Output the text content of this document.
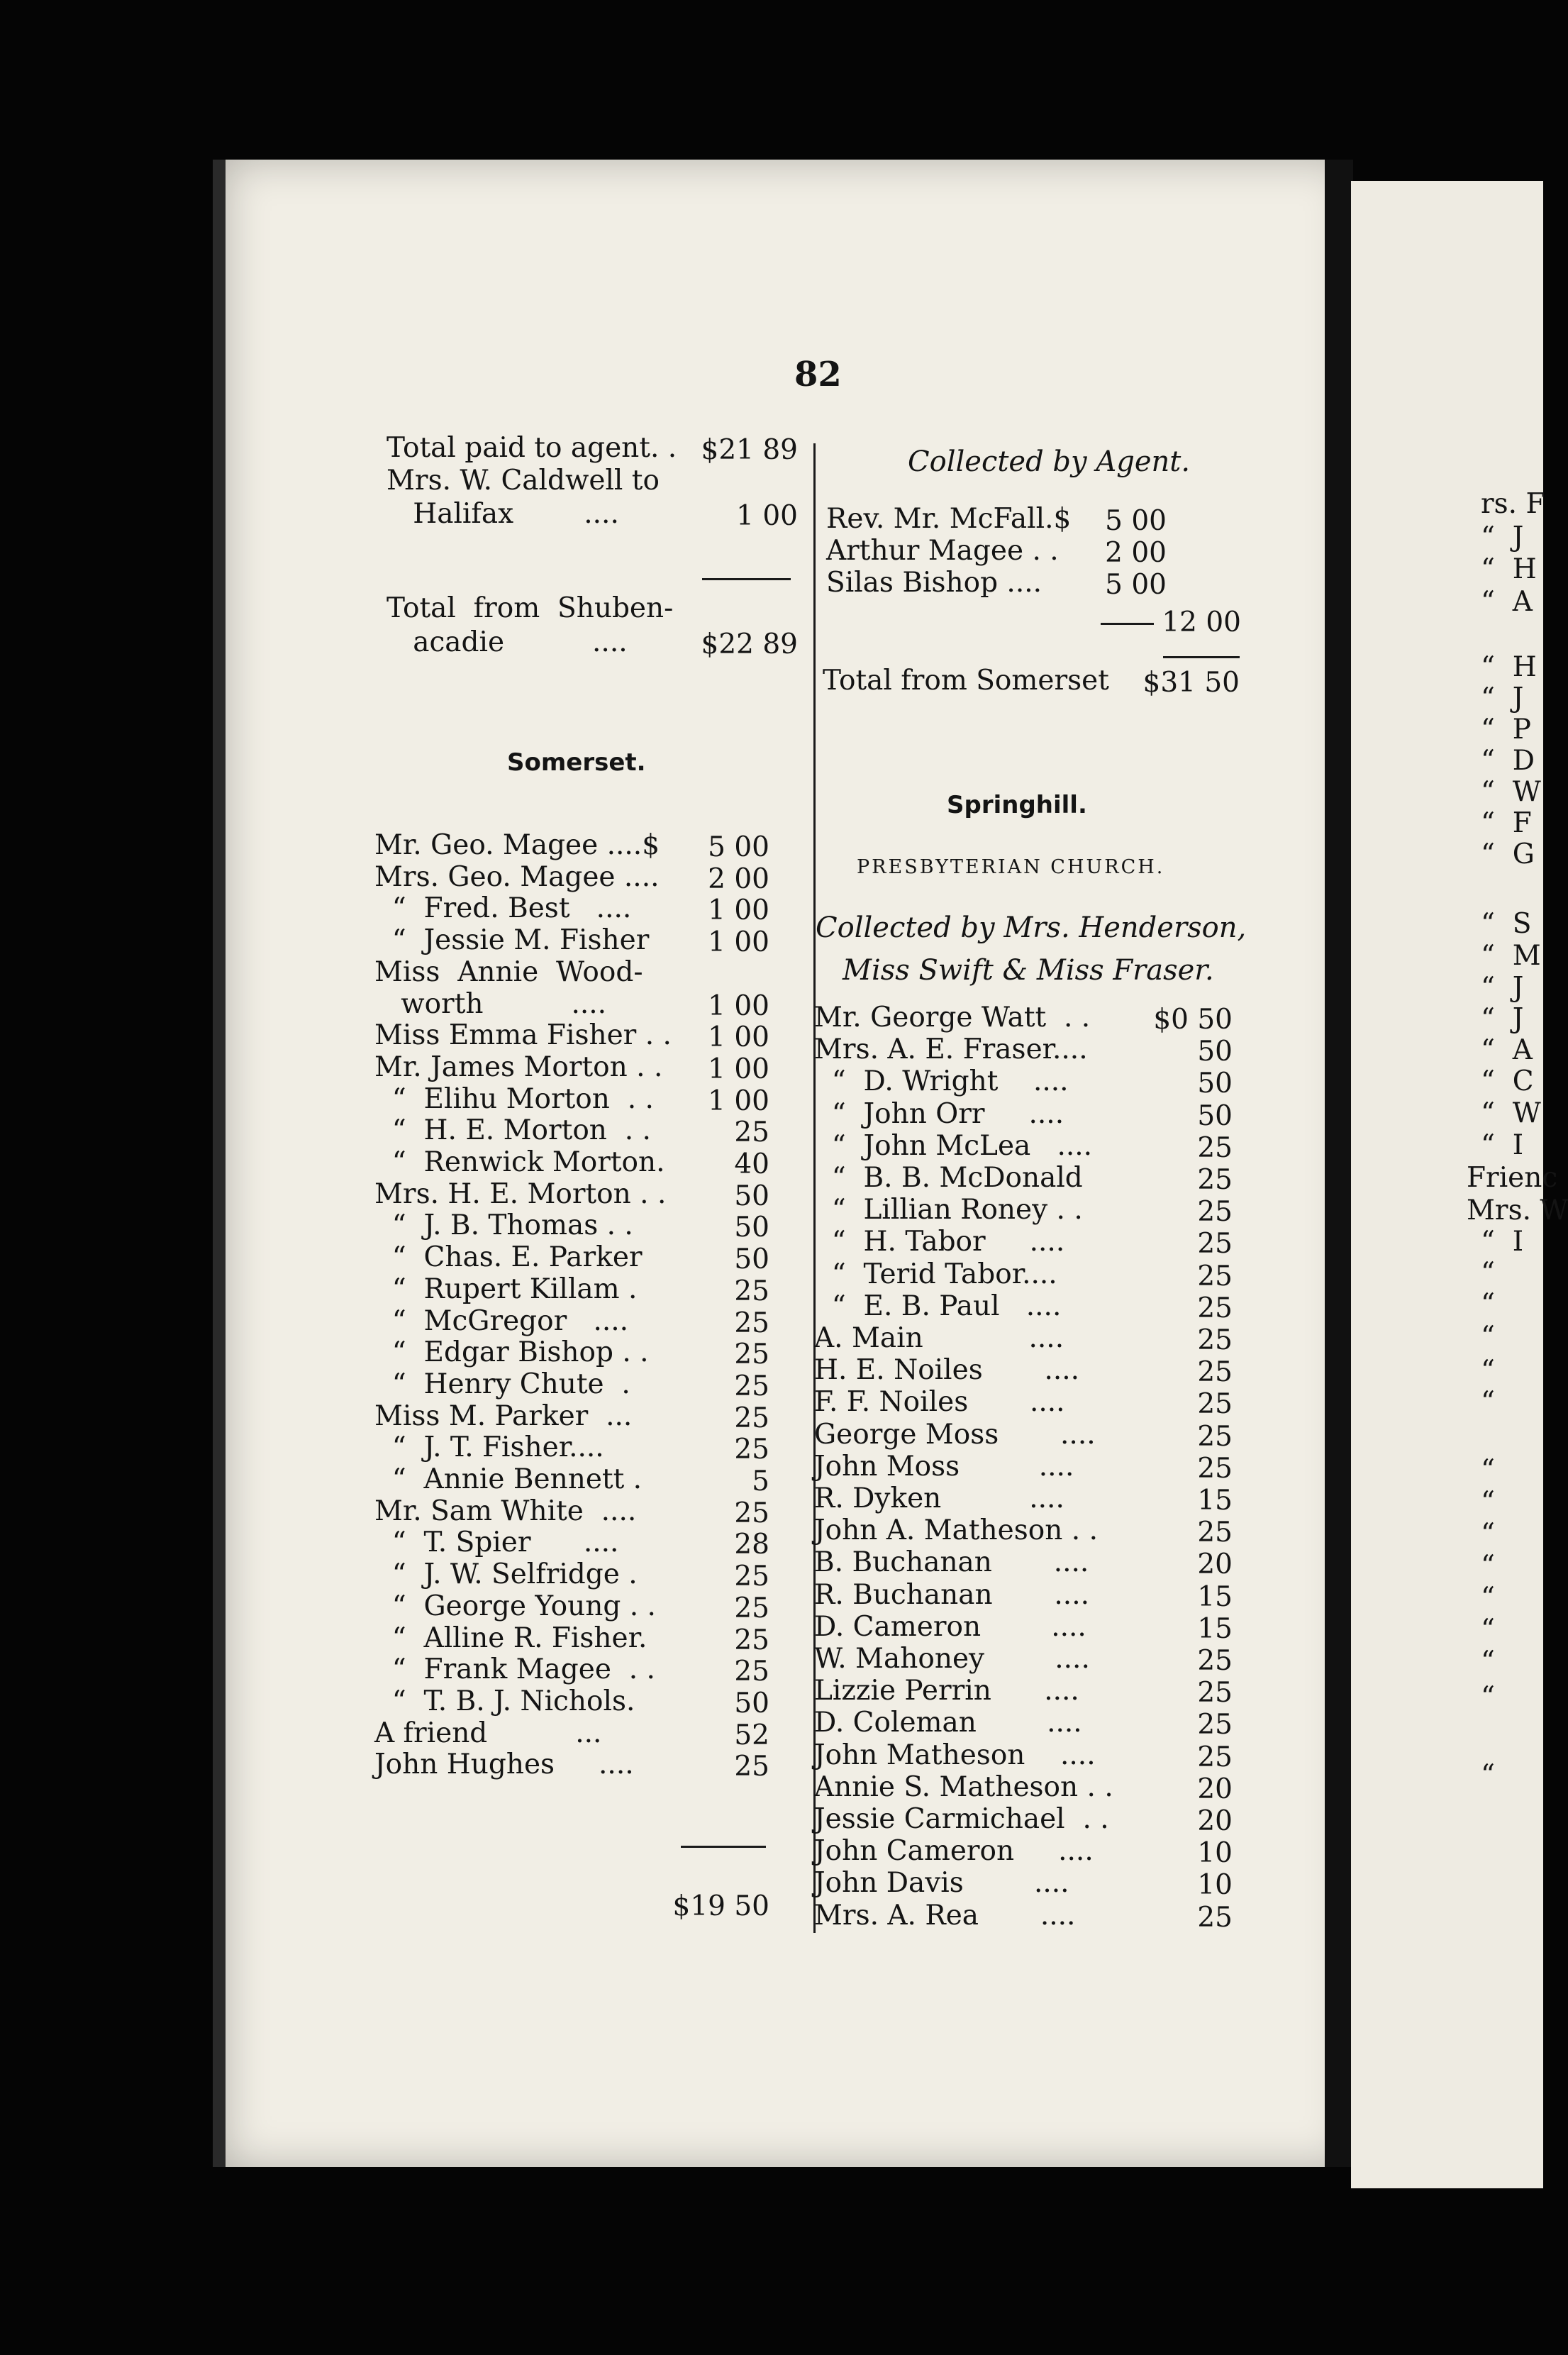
82
Total paid to agent. . $21 89
Mrs. W. Caldwell to
Halifax        ....	1 00
Total  from  Shuben-
acadie          ....	$22 89
Somerset.
Mr. Geo. Magee ....$ 5 00
Mrs. Geo. Magee .... 2 00
“  Fred. Best   ....	1 00
“  Jessie M. Fisher 1 00
Miss  Annie  Wood-
worth          ....	1 00
Miss Emma Fisher . . 1 00
Mr. James Morton . . 1 00
“  Elihu Morton  . . 1 00
“  H. E. Morton  . .	25
“  Renwick Morton.	40
Mrs. H. E. Morton . . 50
“  J. B. Thomas . .	50
“  Chas. E. Parker	50
“  Rupert Killam .	25
“  McGregor   ....	25
“  Edgar Bishop . .	25
“  Henry Chute  .	25
Miss M. Parker  ...	25
“  J. T. Fisher....	25
“  Annie Bennett .	5
Mr. Sam White  ....	25
“  T. Spier      ....	28
“  J. W. Selfridge .	25
“  George Young . .	25
“  Alline R. Fisher.	25
“  Frank Magee  . .	25
“  T. B. J. Nichols.	50
A friend          ...	52
John Hughes     ....	25
$19 50
Collected by Agent.
Rev. Mr. McFall.$ 5 00
Arthur Magee . . 2 00
Silas Bishop .... 5 00
12 00
Total from Somerset $31 50
Springhill.
PRESBYTERIAN CHURCH.
Collected by Mrs. Henderson,
Miss Swift & Miss Fraser.
Mr. George Watt  . . $0 50
Mrs. A. E. Fraser....	50
“  D. Wright    ....	50
“  John Orr     ....	50
“  John McLea   ....	25
“  B. B. McDonald	25
“  Lillian Roney . .	25
“  H. Tabor     ....	25
“  Terid Tabor....	25
“  E. B. Paul   ....	25
A. Main            ....	25
H. E. Noiles       ....	25
F. F. Noiles       ....	25
George Moss       ....	25
John Moss         ....	25
R. Dyken          ....	15
John A. Matheson . .	25
B. Buchanan       ....	20
R. Buchanan       ....	15
D. Cameron        ....	15
W. Mahoney        ....	25
Lizzie Perrin      ....	25
D. Coleman        ....	25
John Matheson    ....	25
Annie S. Matheson . .	20
Jessie Carmichael  . .	20
John Cameron     ....	10
John Davis        ....	10
Mrs. A. Rea       ....	25
rs. F
“  J
“  H
“  A
“  H
“  J
“  P
“  D
“  W
“  F
“  G
“  S
“  M
“  J
“  J
“  A
“  C
“  W
“  I
Frienc
Mrs. W
“  I
“
“
“
“
“
“
“
“
“
“
“
“
“
“
